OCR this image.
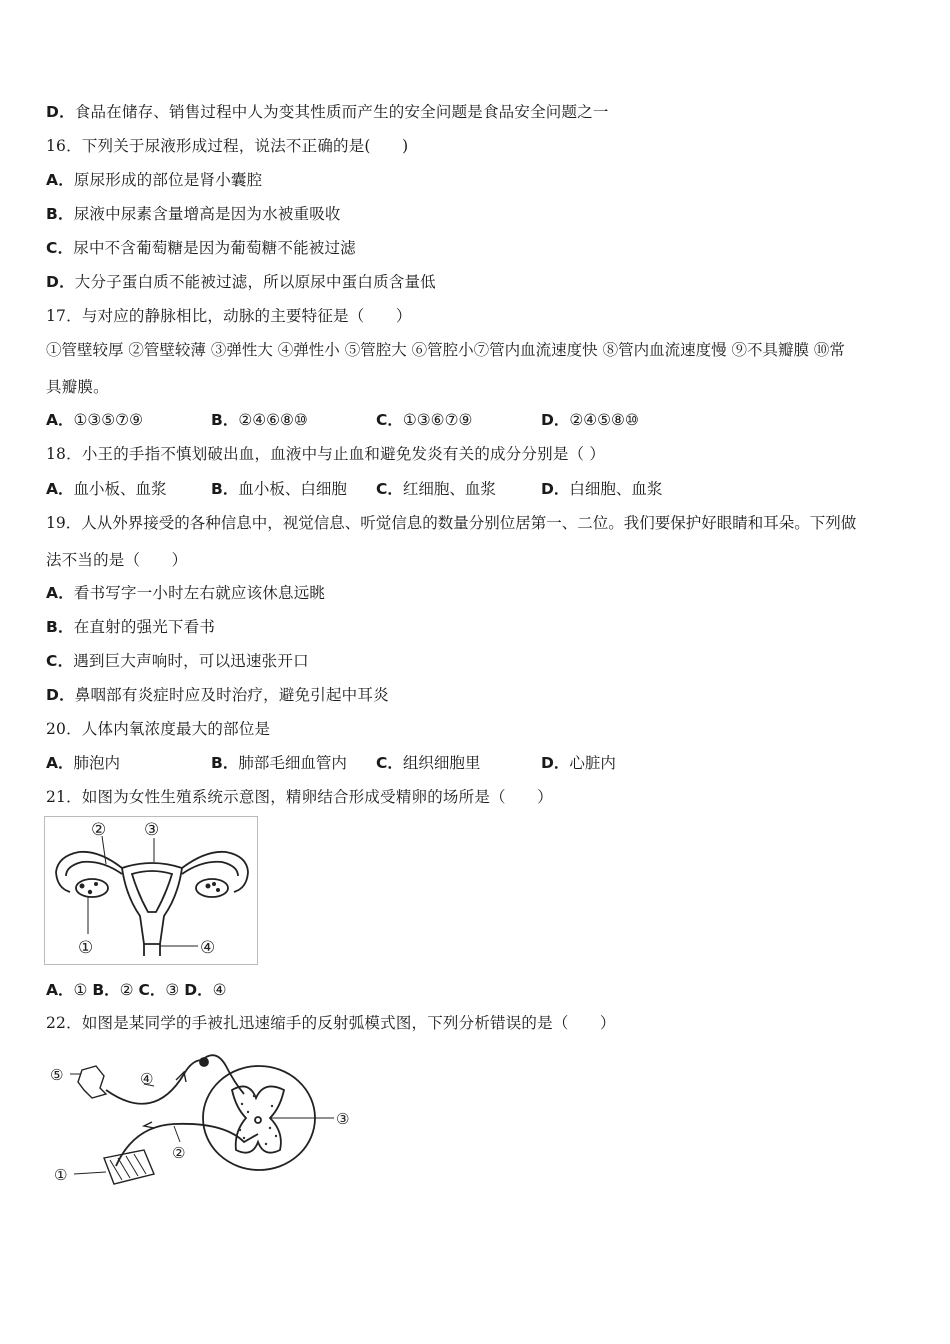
D．食品在储存、销售过程中人为变其性质而产生的安全问题是食品安全问题之一
16．下列关于尿液形成过程，说法不正确的是(　　)
A．原尿形成的部位是肾小囊腔
B．尿液中尿素含量增高是因为水被重吸收
C．尿中不含葡萄糖是因为葡萄糖不能被过滤
D．大分子蛋白质不能被过滤，所以原尿中蛋白质含量低
17．与对应的静脉相比，动脉的主要特征是（　　）
①管壁较厚 ②管壁较薄 ③弹性大 ④弹性小 ⑤管腔大 ⑥管腔小⑦管内血流速度快 ⑧管内血流速度慢 ⑨不具瓣膜 ⑩常
具瓣膜。
A．①③⑤⑦⑨	B．②④⑥⑧⑩	C．①③⑥⑦⑨	D．②④⑤⑧⑩
18．小王的手指不慎划破出血，血液中与止血和避免发炎有关的成分分别是（ ）
A．血小板、血浆	B．血小板、白细胞 C．红细胞、血浆	D．白细胞、血浆
19．人从外界接受的各种信息中，视觉信息、听觉信息的数量分别位居第一、二位。我们要保护好眼睛和耳朵。下列做
法不当的是（　　）
A．看书写字一小时左右就应该休息远眺
B．在直射的强光下看书
C．遇到巨大声响时，可以迅速张开口
D．鼻咽部有炎症时应及时治疗，避免引起中耳炎
20．人体内氧浓度最大的部位是
A．肺泡内	B．肺部毛细血管内 C．组织细胞里	D．心脏内
21．如图为女性生殖系统示意图，精卵结合形成受精卵的场所是（　　）
② ③
①	④
A．① B．② C．③ D．④
22．如图是某同学的手被扎迅速缩手的反射弧模式图，下列分析错误的是（　　）
⑤	④
②
③
①
